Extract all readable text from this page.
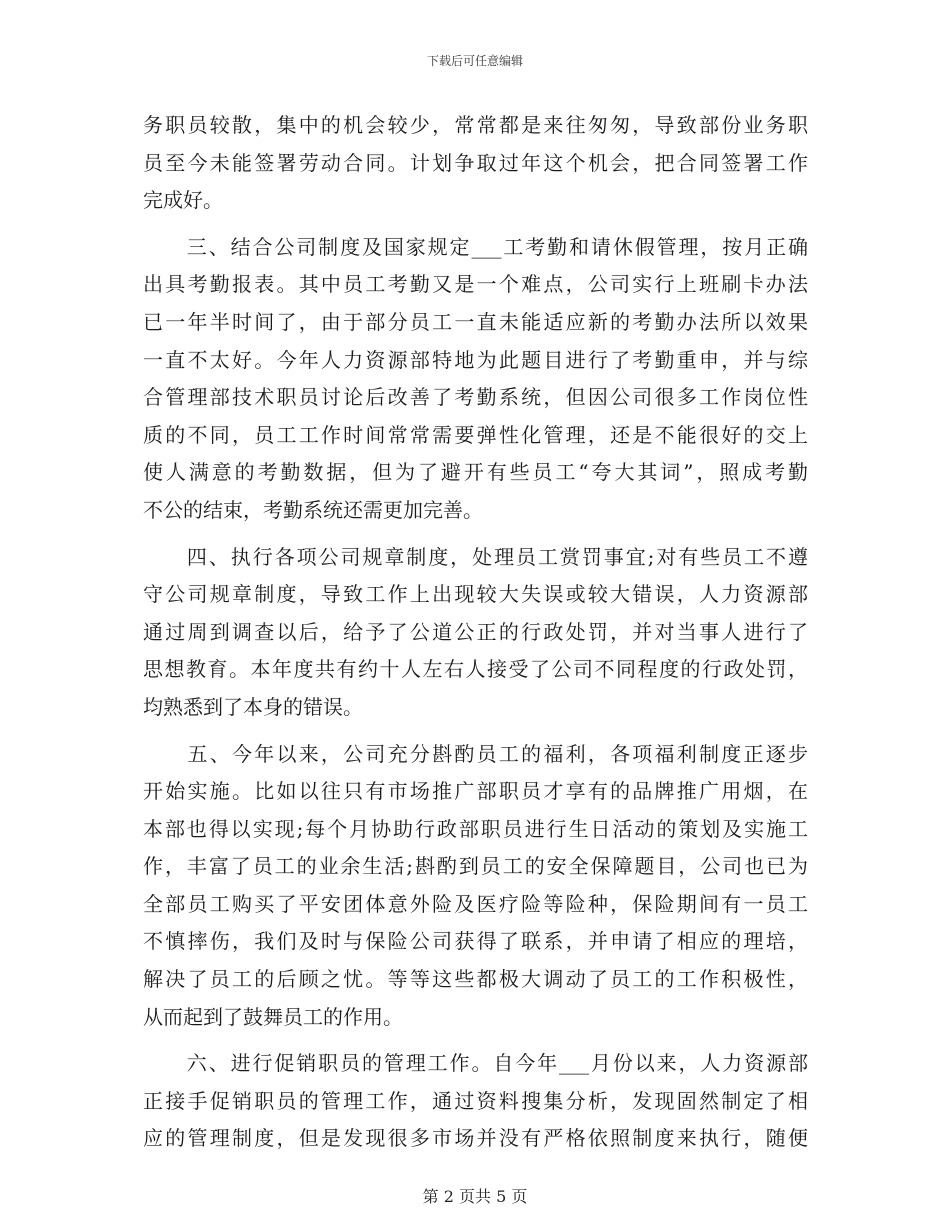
下载后可任意编辑
务职员较散，集中的机会较少，常常都是来往匆匆，导致部份业务职
员至今未能签署劳动合同。计划争取过年这个机会，把合同签署工作
完成好。
　　三、结合公司制度及国家规定___工考勤和请休假管理，按月正确
出具考勤报表。其中员工考勤又是一个难点，公司实行上班刷卡办法
已一年半时间了，由于部分员工一直未能适应新的考勤办法所以效果
一直不太好。今年人力资源部特地为此题目进行了考勤重申，并与综
合管理部技术职员讨论后改善了考勤系统，但因公司很多工作岗位性
质的不同，员工工作时间常常需要弹性化管理，还是不能很好的交上
使人满意的考勤数据，但为了避开有些员工“夸大其词”，照成考勤
不公的结束，考勤系统还需更加完善。
　　四、执行各项公司规章制度，处理员工赏罚事宜;对有些员工不遵
守公司规章制度，导致工作上出现较大失误或较大错误，人力资源部
通过周到调查以后，给予了公道公正的行政处罚，并对当事人进行了
思想教育。本年度共有约十人左右人接受了公司不同程度的行政处罚，
均熟悉到了本身的错误。
　　五、今年以来，公司充分斟酌员工的福利，各项福利制度正逐步
开始实施。比如以往只有市场推广部职员才享有的品牌推广用烟，在
本部也得以实现;每个月协助行政部职员进行生日活动的策划及实施工
作，丰富了员工的业余生活;斟酌到员工的安全保障题目，公司也已为
全部员工购买了平安团体意外险及医疗险等险种，保险期间有一员工
不慎摔伤，我们及时与保险公司获得了联系，并申请了相应的理培，
解决了员工的后顾之忧。等等这些都极大调动了员工的工作积极性，
从而起到了鼓舞员工的作用。
　　六、进行促销职员的管理工作。自今年___月份以来，人力资源部
正接手促销职员的管理工作，通过资料搜集分析，发现固然制定了相
应的管理制度，但是发现很多市场并没有严格依照制度来执行，随便
第 2 页共 5 页
